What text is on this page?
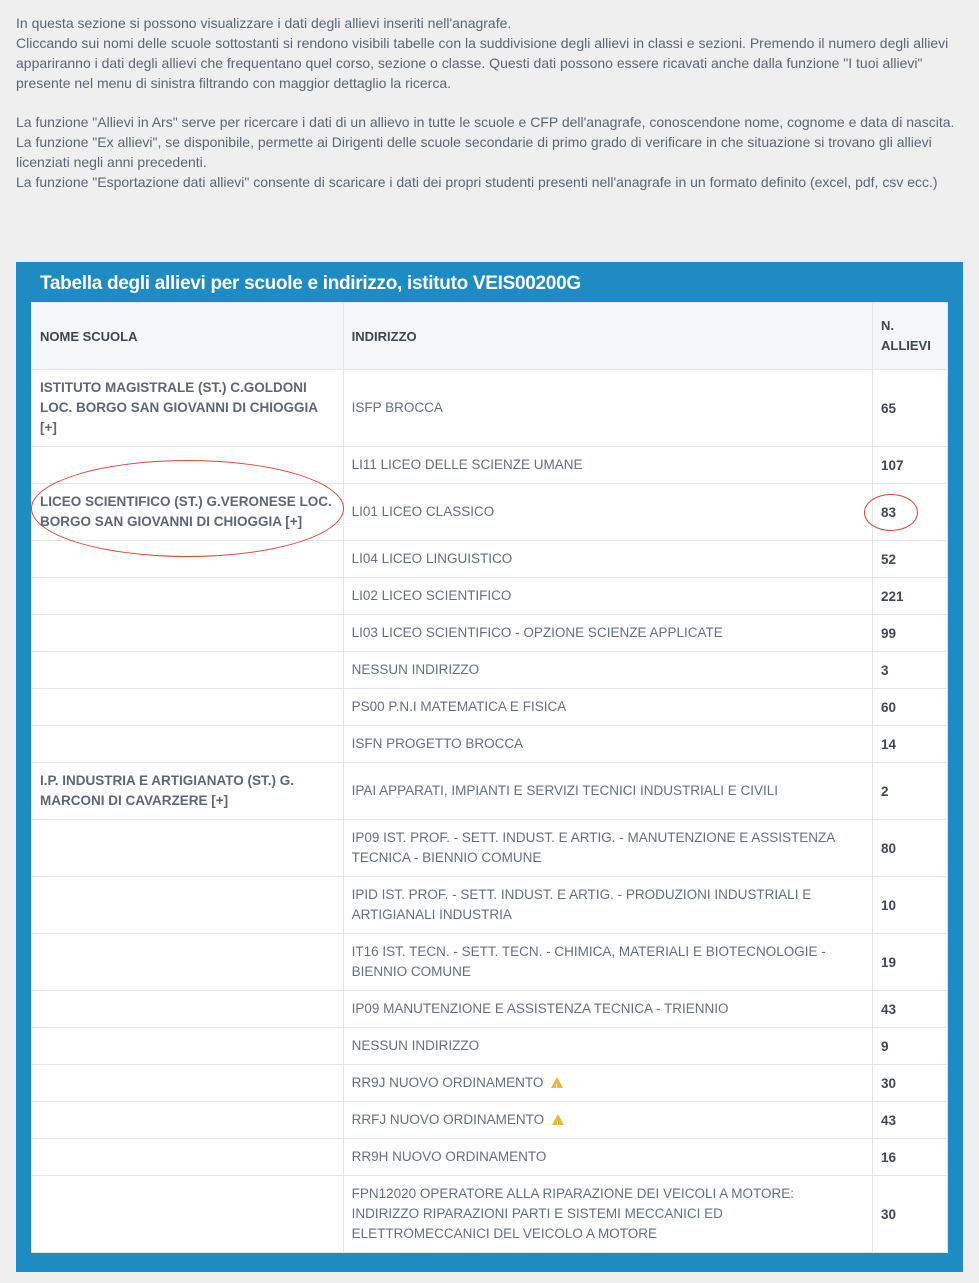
In questa sezione si possono visualizzare i dati degli allievi inseriti nell'anagrafe.

Cliccando sui nomi delle scuole sottostanti si rendono visibili tabelle con la suddivisione degli allievi in classi e sezioni. Premendo il numero degli allievi appariranno i dati degli allievi che frequentano quel corso, sezione o classe. Questi dati possono essere ricavati anche dalla funzione "I tuoi allievi" presente nel menu di sinistra filtrando con maggior dettaglio la ricerca.

La funzione "Allievi in Ars" serve per ricercare i dati di un allievo in tutte le scuole e CFP dell'anagrafe, conoscendone nome, cognome e data di nascita.

La funzione "Ex allievi", se disponibile, permette ai Dirigenti delle scuole secondarie di primo grado di verificare in che situazione si trovano gli allievi licenziati negli anni precedenti.

La funzione "Esportazione dati allievi" consente di scaricare i dati dei propri studenti presenti nell'anagrafe in un formato definito (excel, pdf, csv ecc.)

Tabella degli allievi per scuole e indirizzo, istituto VEIS00200G
NOME SCUOLA	INDIRIZZO	N.
ALLIEVI
ISTITUTO MAGISTRALE (ST.) C.GOLDONI LOC. BORGO SAN GIOVANNI DI CHIOGGIA [+]	ISFP BROCCA	65
	LI11 LICEO DELLE SCIENZE UMANE	107
LICEO SCIENTIFICO (ST.) G.VERONESE LOC. BORGO SAN GIOVANNI DI CHIOGGIA [+]	LI01 LICEO CLASSICO	83
	LI04 LICEO LINGUISTICO	52
	LI02 LICEO SCIENTIFICO	221
	LI03 LICEO SCIENTIFICO - OPZIONE SCIENZE APPLICATE	99
	NESSUN INDIRIZZO	3
	PS00 P.N.I MATEMATICA E FISICA	60
	ISFN PROGETTO BROCCA	14
I.P. INDUSTRIA E ARTIGIANATO (ST.) G. MARCONI DI CAVARZERE [+]	IPAI APPARATI, IMPIANTI E SERVIZI TECNICI INDUSTRIALI E CIVILI	2
	IP09 IST. PROF. - SETT. INDUST. E ARTIG. - MANUTENZIONE E ASSISTENZA TECNICA - BIENNIO COMUNE	80
	IPID IST. PROF. - SETT. INDUST. E ARTIG. - PRODUZIONI INDUSTRIALI E ARTIGIANALI INDUSTRIA	10
	IT16 IST. TECN. - SETT. TECN. - CHIMICA, MATERIALI E BIOTECNOLOGIE - BIENNIO COMUNE	19
	IP09 MANUTENZIONE E ASSISTENZA TECNICA - TRIENNIO	43
	NESSUN INDIRIZZO	9
	RR9J NUOVO ORDINAMENTO!	30
	RRFJ NUOVO ORDINAMENTO!	43
	RR9H NUOVO ORDINAMENTO	16
	FPN12020 OPERATORE ALLA RIPARAZIONE DEI VEICOLI A MOTORE: INDIRIZZO RIPARAZIONI PARTI E SISTEMI MECCANICI ED ELETTROMECCANICI DEL VEICOLO A MOTORE	30
